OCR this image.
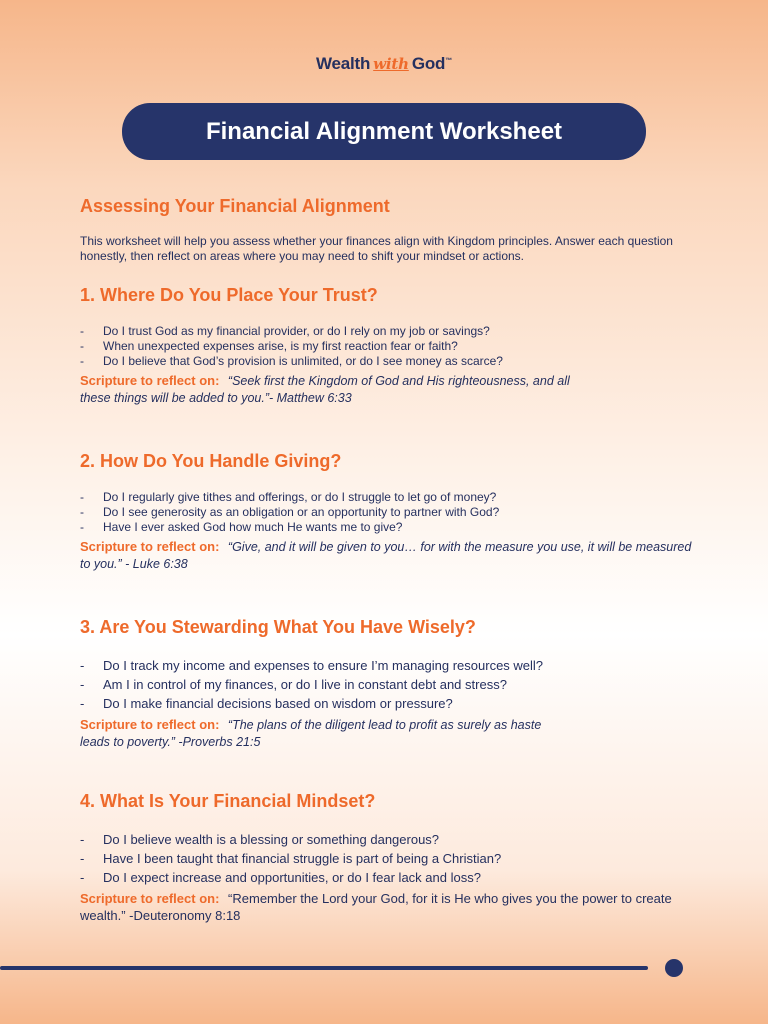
Wealth with God™
Financial Alignment Worksheet
Assessing Your Financial Alignment

This worksheet will help you assess whether your finances align with Kingdom principles. Answer each question honestly, then reflect on areas where you may need to shift your mindset or actions.

1. Where Do You Place Your Trust?
- Do I trust God as my financial provider, or do I rely on my job or savings?
- When unexpected expenses arise, is my first reaction fear or faith?
- Do I believe that God’s provision is unlimited, or do I see money as scarce?

Scripture to reflect on: “Seek first the Kingdom of God and His righteousness, and all these things will be added to you.”- Matthew 6:33

2. How Do You Handle Giving?
- Do I regularly give tithes and offerings, or do I struggle to let go of money?
- Do I see generosity as an obligation or an opportunity to partner with God?
- Have I ever asked God how much He wants me to give?

Scripture to reflect on: “Give, and it will be given to you… for with the measure you use, it will be measured to you.” - Luke 6:38

3. Are You Stewarding What You Have Wisely?
- Do I track my income and expenses to ensure I’m managing resources well?
- Am I in control of my finances, or do I live in constant debt and stress?
- Do I make financial decisions based on wisdom or pressure?

Scripture to reflect on: “The plans of the diligent lead to profit as surely as haste leads to poverty.” -Proverbs 21:5

4. What Is Your Financial Mindset?
- Do I believe wealth is a blessing or something dangerous?
- Have I been taught that financial struggle is part of being a Christian?
- Do I expect increase and opportunities, or do I fear lack and loss?

Scripture to reflect on: “Remember the Lord your God, for it is He who gives you the power to create wealth.” -Deuteronomy 8:18
